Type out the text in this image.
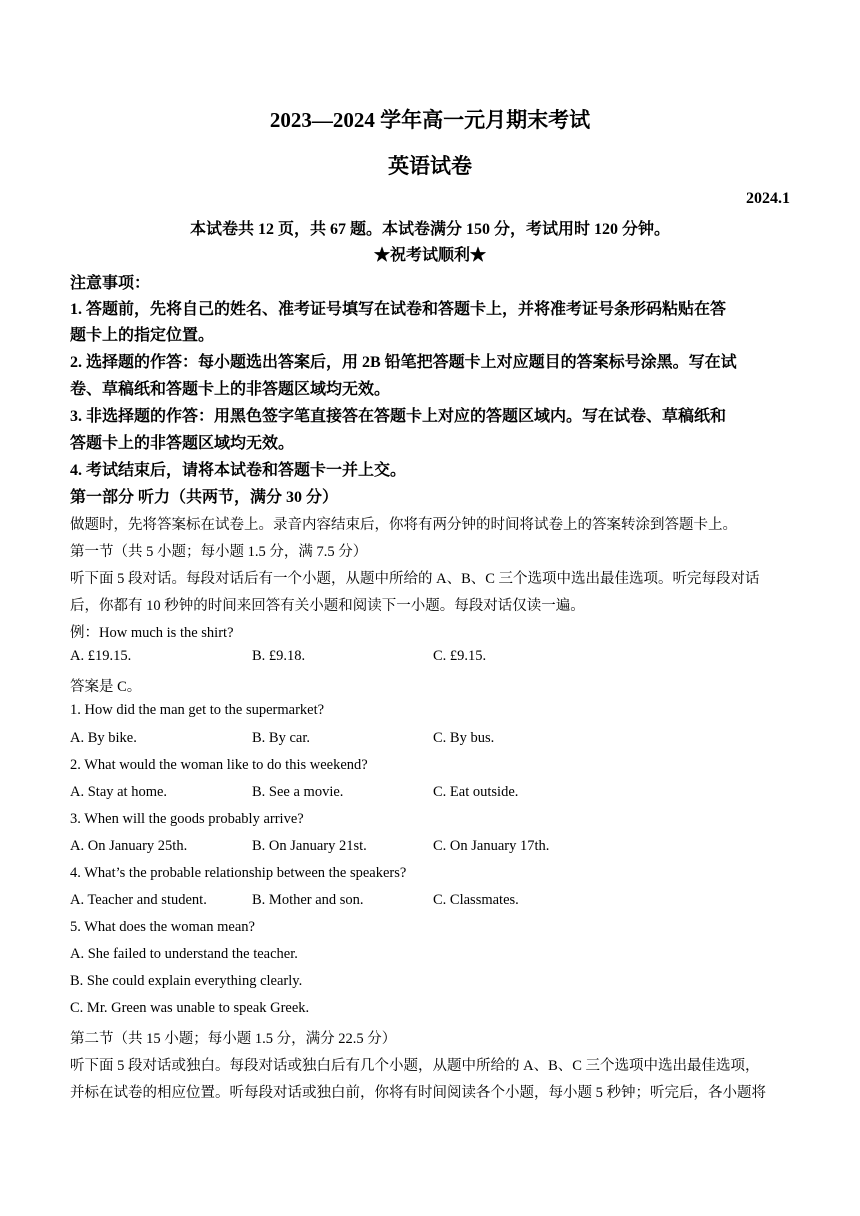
2023—2024 学年高一元月期末考试
英语试卷
2024.1
本试卷共 12 页，共 67 题。本试卷满分 150 分，考试用时 120 分钟。
★祝考试顺利★
注意事项：
1. 答题前，先将自己的姓名、准考证号填写在试卷和答题卡上，并将准考证号条形码粘贴在答
题卡上的指定位置。
2. 选择题的作答：每小题选出答案后，用 2B 铅笔把答题卡上对应题目的答案标号涂黑。写在试
卷、草稿纸和答题卡上的非答题区域均无效。
3. 非选择题的作答：用黑色签字笔直接答在答题卡上对应的答题区域内。写在试卷、草稿纸和
答题卡上的非答题区域均无效。
4. 考试结束后，请将本试卷和答题卡一并上交。
第一部分 听力（共两节，满分 30 分）
做题时，先将答案标在试卷上。录音内容结束后，你将有两分钟的时间将试卷上的答案转涂到答题卡上。
第一节（共 5 小题；每小题 1.5 分，满 7.5 分）
听下面 5 段对话。每段对话后有一个小题，从题中所给的 A、B、C 三个选项中选出最佳选项。听完每段对话
后，你都有 10 秒钟的时间来回答有关小题和阅读下一小题。每段对话仅读一遍。
例：How much is the shirt?
A. £19.15.	B. £9.18.	C. £9.15.
答案是 C。
1. How did the man get to the supermarket?
A. By bike.	B. By car.	C. By bus.
2. What would the woman like to do this weekend?
A. Stay at home.	B. See a movie.	C. Eat outside.
3. When will the goods probably arrive?
A. On January 25th.	B. On January 21st.	C. On January 17th.
4. What’s the probable relationship between the speakers?
A. Teacher and student.	B. Mother and son.	C. Classmates.
5. What does the woman mean?
A. She failed to understand the teacher.
B. She could explain everything clearly.
C. Mr. Green was unable to speak Greek.
第二节（共 15 小题；每小题 1.5 分，满分 22.5 分）
听下面 5 段对话或独白。每段对话或独白后有几个小题，从题中所给的 A、B、C 三个选项中选出最佳选项，
并标在试卷的相应位置。听每段对话或独白前，你将有时间阅读各个小题，每小题 5 秒钟；听完后，各小题将
